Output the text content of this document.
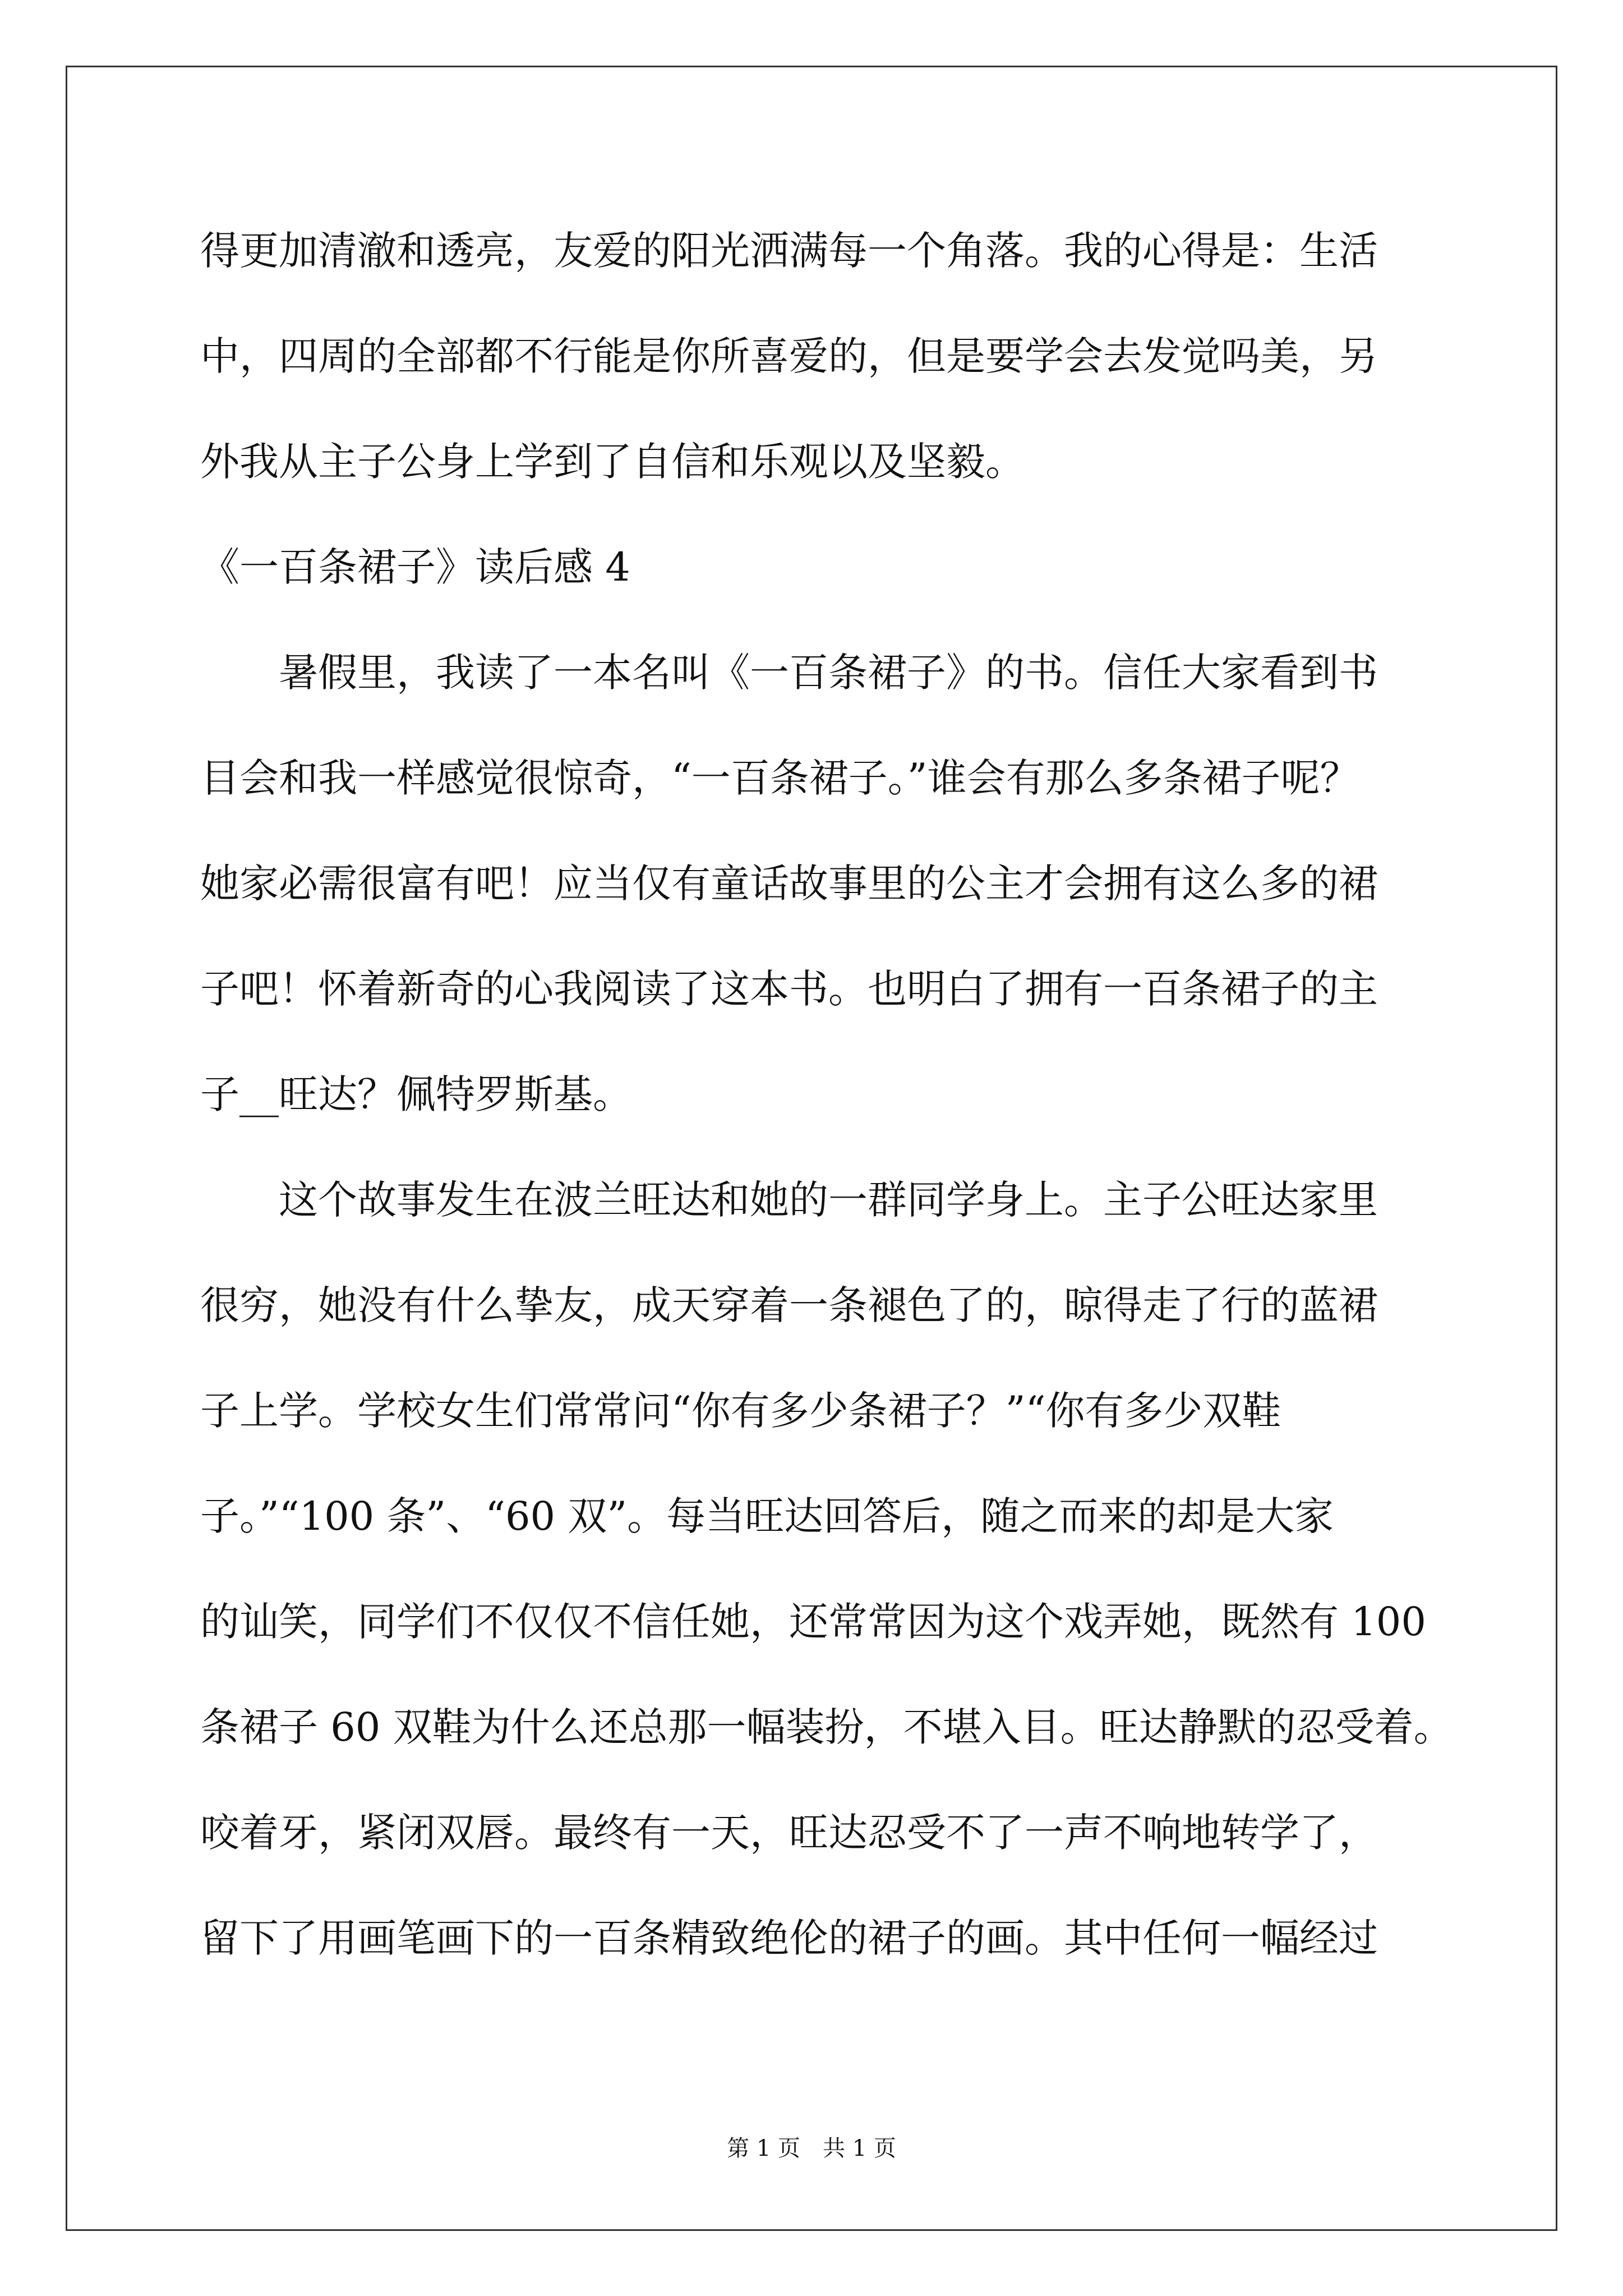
得更加清澈和透亮，友爱的阳光洒满每一个角落。我的心得是：生活
中，四周的全部都不行能是你所喜爱的，但是要学会去发觉吗美，另
外我从主子公身上学到了自信和乐观以及坚毅。
《一百条裙子》读后感 4
　　暑假里，我读了一本名叫《一百条裙子》的书。信任大家看到书
目会和我一样感觉很惊奇，“一百条裙子。”谁会有那么多条裙子呢？
她家必需很富有吧！应当仅有童话故事里的公主才会拥有这么多的裙
子吧！怀着新奇的心我阅读了这本书。也明白了拥有一百条裙子的主
子__旺达？佩特罗斯基。
　　这个故事发生在波兰旺达和她的一群同学身上。主子公旺达家里
很穷，她没有什么挚友，成天穿着一条褪色了的，晾得走了行的蓝裙
子上学。学校女生们常常问“你有多少条裙子？”“你有多少双鞋
子。”“100 条”、“60 双”。每当旺达回答后，随之而来的却是大家
的讪笑，同学们不仅仅不信任她，还常常因为这个戏弄她，既然有 100
条裙子 60 双鞋为什么还总那一幅装扮，不堪入目。旺达静默的忍受着。
咬着牙，紧闭双唇。最终有一天，旺达忍受不了一声不响地转学了，
留下了用画笔画下的一百条精致绝伦的裙子的画。其中任何一幅经过
第 1 页　共 1 页
